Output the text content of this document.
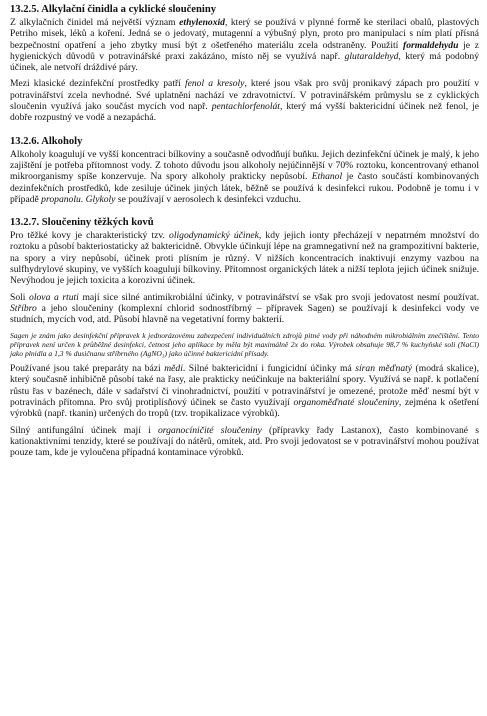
13.2.5. Alkylační činidla a cyklické sloučeniny

Z alkylačních činidel má největší význam ethylenoxid, který se používá v plynné formě ke sterilaci obalů, plastových Petriho misek, léků a koření. Jedná se o jedovatý, mutagenní a výbušný plyn, proto pro manipulaci s ním platí přísná bezpečnostní opatření a jeho zbytky musí být z ošetřeného materiálu zcela odstraněny. Použití formaldehydu je z hygienických důvodů v potravinářské praxi zakázáno, místo něj se využívá např. glutaraldehyd, který má podobný účinek, ale netvoří dráždivé páry.

Mezi klasické dezinfekční prostředky patří fenol a kresoly, které jsou však pro svůj pronikavý zápach pro použití v potravinářství zcela nevhodné. Své uplatnění nachází ve zdravotnictví. V potravinářském průmyslu se z cyklických sloučenin využívá jako součást mycích vod např. pentachlorfenolát, který má vyšší baktericidní účinek než fenol, je dobře rozpustný ve vodě a nezapáchá.

13.2.6. Alkoholy

Alkoholy koagulují ve vyšší koncentraci bílkoviny a současně odvodňují buňku. Jejich dezinfekční účinek je malý, k jeho zajištění je potřeba přítomnost vody. Z tohoto důvodu jsou alkoholy nejúčinnější v 70% roztoku, koncentrovaný ethanol mikroorganismy spíše konzervuje. Na spory alkoholy prakticky nepůsobí. Ethanol je často součástí kombinovaných dezinfekčních prostředků, kde zesiluje účinek jiných látek, běžně se používá k desinfekci rukou. Podobně je tomu i v případě propanolu. Glykoly se používají v aerosolech k desinfekci vzduchu.

13.2.7. Sloučeniny těžkých kovů

Pro těžké kovy je charakteristický tzv. oligodynamický účinek, kdy jejich ionty přecházejí v nepatrném množství do roztoku a působí bakteriostaticky až baktericidně. Obvykle účinkují lépe na gramnegativní než na grampozitivní bakterie, na spory a viry nepůsobí, účinek proti plísním je různý. V nižších koncentracích inaktivují enzymy vazbou na sulfhydrylové skupiny, ve vyšších koagulují bílkoviny. Přítomnost organických látek a nižší teplota jejich účinek snižuje. Nevýhodou je jejich toxicita a korozivní účinek.

Soli olova a rtuti mají sice silné antimikrobiální účinky, v potravinářství se však pro svoji jedovatost nesmí používat. Stříbro a jeho sloučeniny (komplexní chlorid sodnostříbrný – přípravek Sagen) se používají k desinfekci vody ve studních, mycích vod, atd. Působí hlavně na vegetativní formy bakterií.

Sagen je znám jako desinfekční přípravek k jednorázovému zabezpečení individuálních zdrojů pitné vody při náhodném mikrobiálním znečištění. Tento přípravek není určen k průběžné desinfekci, četnost jeho aplikace by měla být maximálně 2x do roka. Výrobek obsahuje 98,7 % kuchyňské soli (NaCl) jako plnidla a 1,3 % dusičnanu stříbrného (AgNO₃) jako účinné baktericidní přísady.

Používané jsou také preparáty na bázi mědi. Silné baktericidní i fungicidní účinky má síran měďnatý (modrá skalice), který současně inhibičně působí také na řasy, ale prakticky neúčinkuje na bakteriální spory. Využívá se např. k potlačení růstu řas v bazénech, dále v sadařství či vinohradnictví, použití v potravinářství je omezené, protože měď nesmí být v potravinách přítomna. Pro svůj protiplísňový účinek se často využívají organoměďnaté sloučeniny, zejména k ošetření výrobků (např. tkanin) určených do tropů (tzv. tropikalizace výrobků).

Silný antifungální účinek mají i organocíničité sloučeniny (přípravky řady Lastanox), často kombinované s kationaktivními tenzidy, které se používají do nátěrů, omítek, atd. Pro svoji jedovatost se v potravinářství mohou používat pouze tam, kde je vyloučena případná kontaminace výrobků.
